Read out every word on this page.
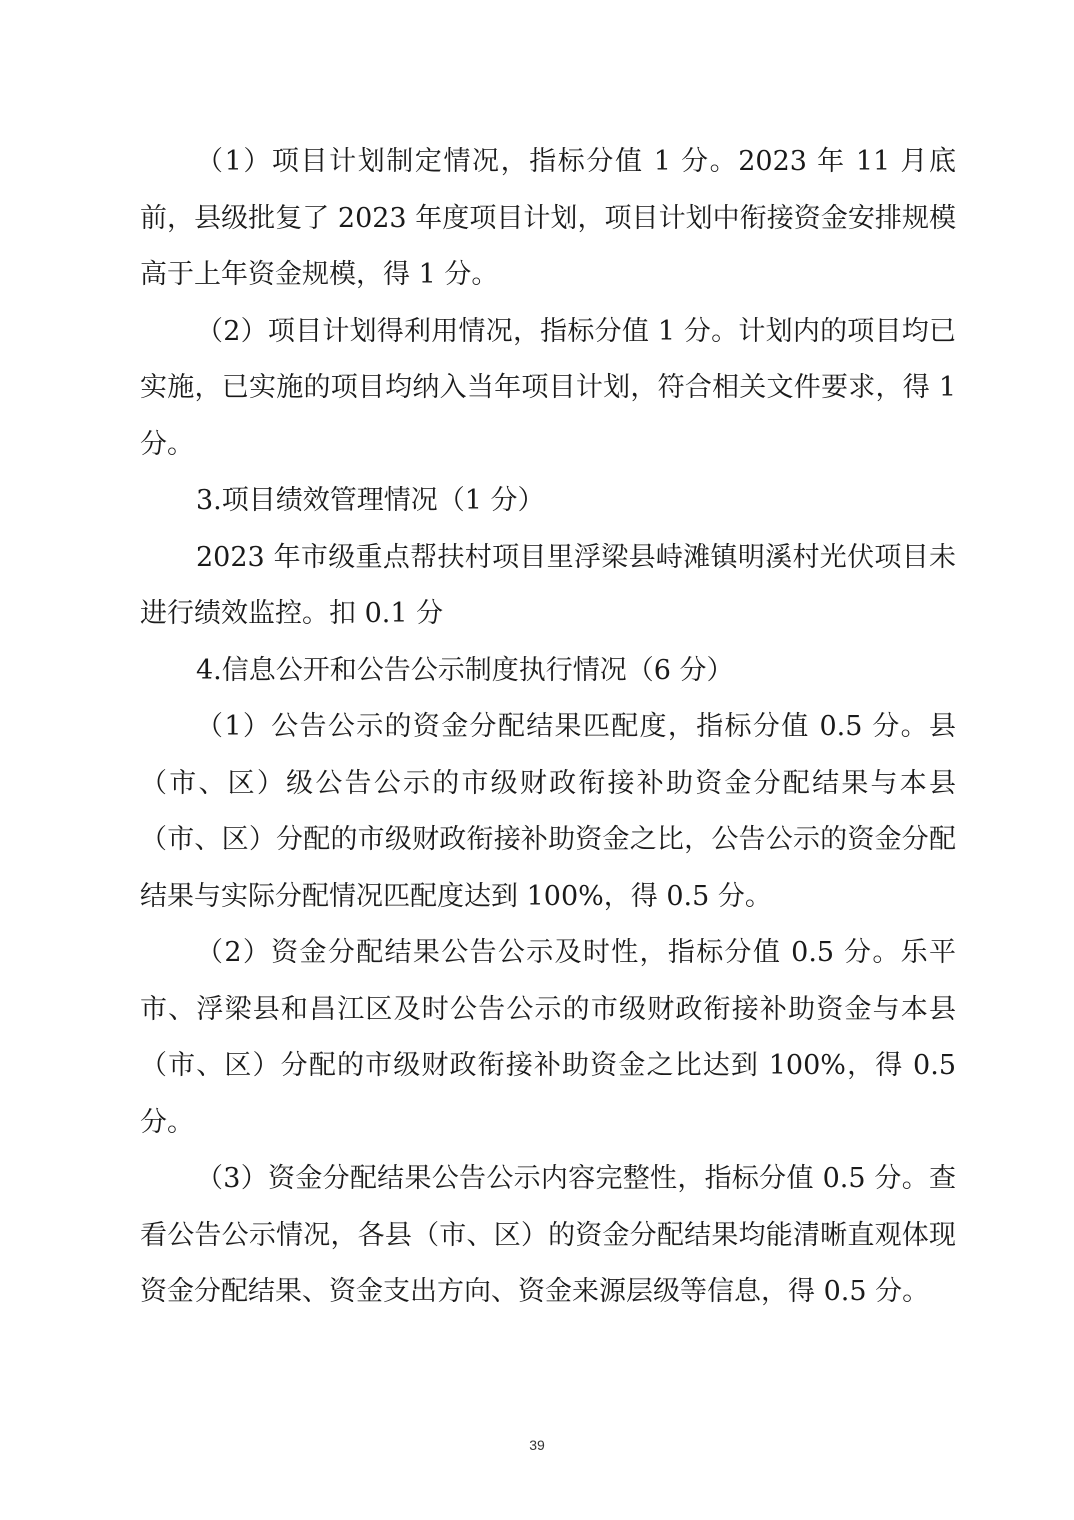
（1）项目计划制定情况，指标分值 1 分。2023 年 11 月底前，县级批复了 2023 年度项目计划，项目计划中衔接资金安排规模高于上年资金规模，得 1 分。

（2）项目计划得利用情况，指标分值 1 分。计划内的项目均已实施，已实施的项目均纳入当年项目计划，符合相关文件要求，得 1 分。

3.项目绩效管理情况（1 分）

2023 年市级重点帮扶村项目里浮梁县峙滩镇明溪村光伏项目未进行绩效监控。扣 0.1 分

4.信息公开和公告公示制度执行情况（6 分）

（1）公告公示的资金分配结果匹配度，指标分值 0.5 分。县（市、区）级公告公示的市级财政衔接补助资金分配结果与本县（市、区）分配的市级财政衔接补助资金之比，公告公示的资金分配结果与实际分配情况匹配度达到 100%，得 0.5 分。

（2）资金分配结果公告公示及时性，指标分值 0.5 分。乐平市、浮梁县和昌江区及时公告公示的市级财政衔接补助资金与本县（市、区）分配的市级财政衔接补助资金之比达到 100%，得 0.5 分。

（3）资金分配结果公告公示内容完整性，指标分值 0.5 分。查看公告公示情况，各县（市、区）的资金分配结果均能清晰直观体现资金分配结果、资金支出方向、资金来源层级等信息，得 0.5 分。

39
